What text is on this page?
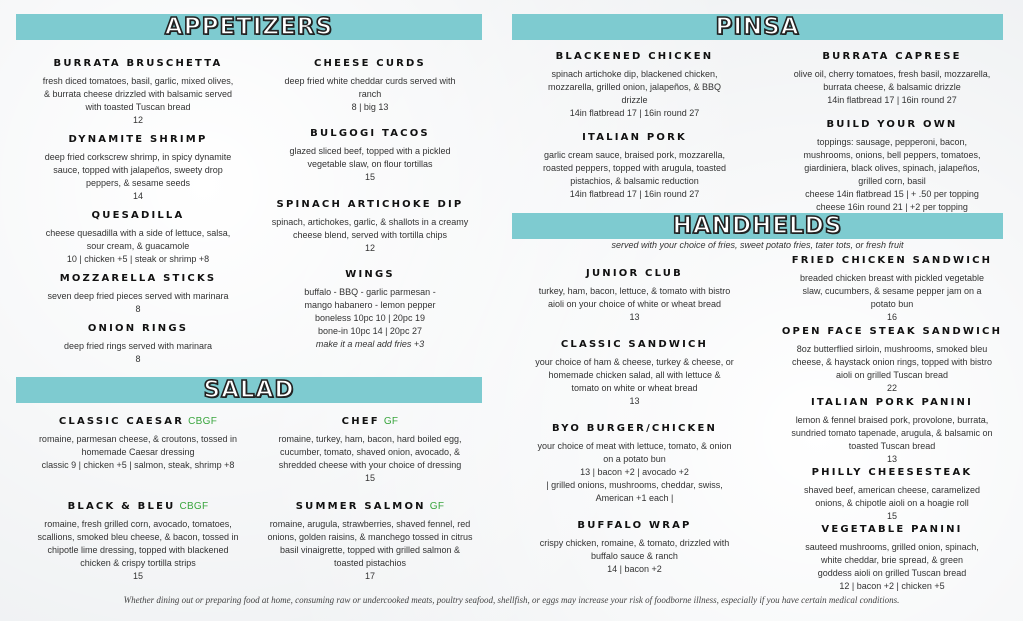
APPETIZERS	PINSA
SALAD
HANDHELDS
served with your choice of fries, sweet potato fries, tater tots, or fresh fruit
BURRATA BRUSCHETTA
fresh diced tomatoes, basil, garlic, mixed olives,
& burrata cheese drizzled with balsamic served
with toasted Tuscan bread
12
DYNAMITE SHRIMP
deep fried corkscrew shrimp, in spicy dynamite
sauce, topped with jalapeños, sweety drop
peppers, & sesame seeds
14
QUESADILLA
cheese quesadilla with a side of lettuce, salsa,
sour cream, & guacamole
10 | chicken +5 | steak or shrimp +8
MOZZARELLA STICKS
seven deep fried pieces served with marinara
8
ONION RINGS
deep fried rings served with marinara
8
CHEESE CURDS
deep fried white cheddar curds served with
ranch
8 | big 13
BULGOGI TACOS
glazed sliced beef, topped with a pickled
vegetable slaw, on flour tortillas
15
SPINACH ARTICHOKE DIP
spinach, artichokes, garlic, & shallots in a creamy
cheese blend, served with tortilla chips
12
WINGS
buffalo - BBQ - garlic parmesan -
mango habanero - lemon pepper
boneless 10pc 10 | 20pc 19
bone-in 10pc 14 | 20pc 27
make it a meal add fries +3
CLASSIC CAESAR CBGF
romaine, parmesan cheese, & croutons, tossed in
homemade Caesar dressing
classic 9 | chicken +5 | salmon, steak, shrimp +8
BLACK & BLEU CBGF
romaine, fresh grilled corn, avocado, tomatoes,
scallions, smoked bleu cheese, & bacon, tossed in
chipotle lime dressing, topped with blackened
chicken & crispy tortilla strips
15
CHEF GF
romaine, turkey, ham, bacon, hard boiled egg,
cucumber, tomato, shaved onion, avocado, &
shredded cheese with your choice of dressing
15
SUMMER SALMON GF
romaine, arugula, strawberries, shaved fennel, red
onions, golden raisins, & manchego tossed in citrus
basil vinaigrette, topped with grilled salmon &
toasted pistachios
17
BLACKENED CHICKEN
spinach artichoke dip, blackened chicken,
mozzarella, grilled onion, jalapeños, & BBQ
drizzle
14in flatbread 17 | 16in round 27
ITALIAN PORK
garlic cream sauce, braised pork, mozzarella,
roasted peppers, topped with arugula, toasted
pistachios, & balsamic reduction
14in flatbread 17 | 16in round 27
BURRATA CAPRESE
olive oil, cherry tomatoes, fresh basil, mozzarella,
burrata cheese, & balsamic drizzle
14in flatbread 17 | 16in round 27
BUILD YOUR OWN
toppings: sausage, pepperoni, bacon,
mushrooms, onions, bell peppers, tomatoes,
giardiniera, black olives, spinach, jalapeños,
grilled corn, basil
cheese 14in flatbread 15 | + .50 per topping
cheese 16in round 21 | +2 per topping
JUNIOR CLUB
turkey, ham, bacon, lettuce, & tomato with bistro
aioli on your choice of white or wheat bread
13
CLASSIC SANDWICH
your choice of ham & cheese, turkey & cheese, or
homemade chicken salad, all with lettuce &
tomato on white or wheat bread
13
BYO BURGER/CHICKEN
your choice of meat with lettuce, tomato, & onion
on a potato bun
13 | bacon +2 | avocado +2
| grilled onions, mushrooms, cheddar, swiss,
American +1 each |
BUFFALO WRAP
crispy chicken, romaine, & tomato, drizzled with
buffalo sauce & ranch
14 | bacon +2
FRIED CHICKEN SANDWICH
breaded chicken breast with pickled vegetable
slaw, cucumbers, & sesame pepper jam on a
potato bun
16
OPEN FACE STEAK SANDWICH
8oz butterflied sirloin, mushrooms, smoked bleu
cheese, & haystack onion rings, topped with bistro
aioli on grilled Tuscan bread
22
ITALIAN PORK PANINI
lemon & fennel braised pork, provolone, burrata,
sundried tomato tapenade, arugula, & balsamic on
toasted Tuscan bread
13
PHILLY CHEESESTEAK
shaved beef, american cheese, caramelized
onions, & chipotle aioli on a hoagie roll
15
VEGETABLE PANINI
sauteed mushrooms, grilled onion, spinach,
white cheddar, brie spread, & green
goddess aioli on grilled Tuscan bread
12 | bacon +2 | chicken +5
Whether dining out or preparing food at home, consuming raw or undercooked meats, poultry seafood, shellfish, or eggs may increase your risk of foodborne illness, especially if you have certain medical conditions.
